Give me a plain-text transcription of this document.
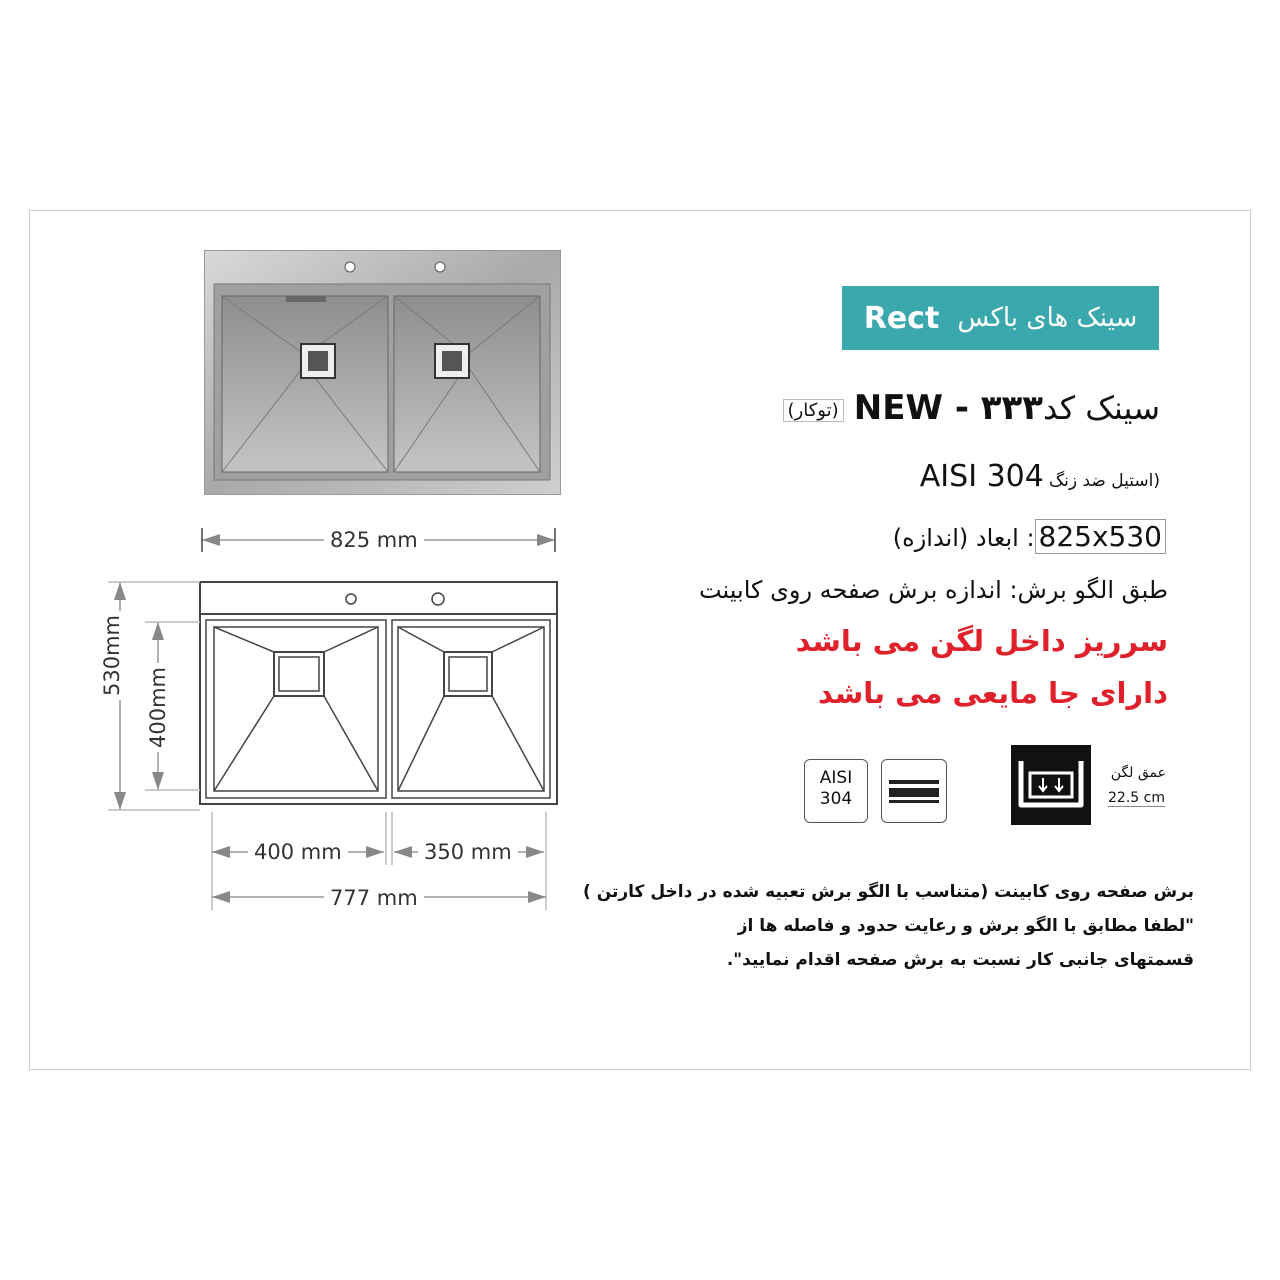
825 mm
530mm
400mm
400 mm	350 mm
777 mm
Rect سینک های باکس
سینک کدNEW - ۳۳۳ (توکار)
(استیل ضد زنگ AISI 304
825x530: ابعاد (اندازه)
طبق الگو برش: اندازه برش صفحه روی کابینت
سرریز داخل لگن می باشد
دارای جا مایعی می باشد
AISI
304
عمق لگن
22.5 cm
برش صفحه روی کابینت (متناسب با الگو برش تعبیه شده در داخل کارتن )
"لطفا مطابق با الگو برش و رعایت حدود و فاصله ها از
قسمتهای جانبی کار نسبت به برش صفحه اقدام نمایید".
